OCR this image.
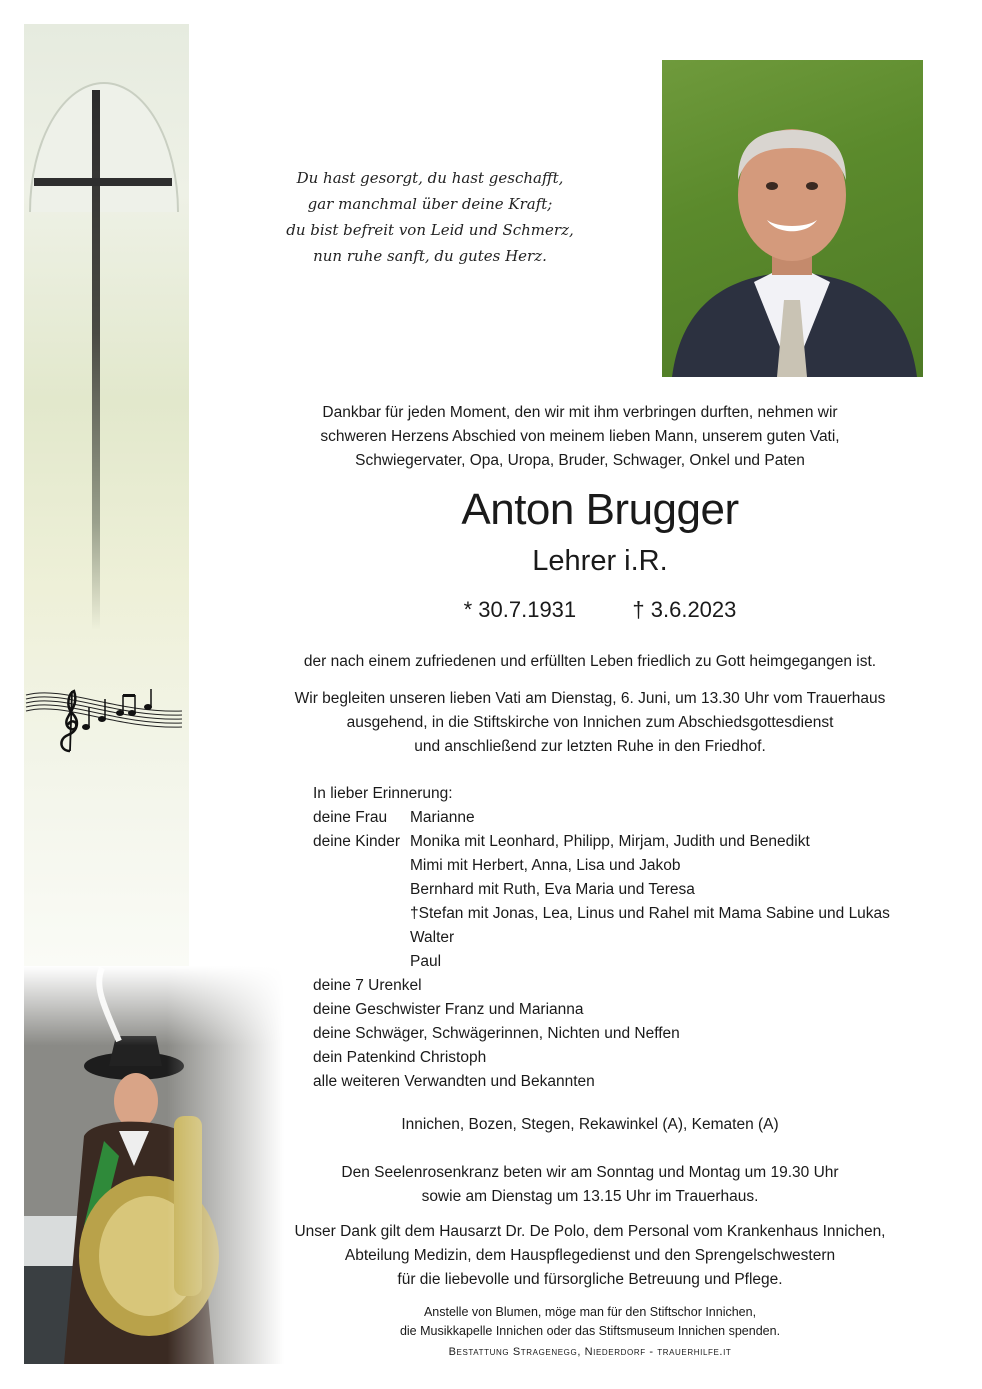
Du hast gesorgt, du hast geschafft,
gar manchmal über deine Kraft;
du bist befreit von Leid und Schmerz,
nun ruhe sanft, du gutes Herz.
Dankbar für jeden Moment, den wir mit ihm verbringen durften, nehmen wir
schweren Herzens Abschied von meinem lieben Mann, unserem guten Vati,
Schwiegervater, Opa, Uropa, Bruder, Schwager, Onkel und Paten
Anton Brugger
Lehrer i.R.
* 30.7.1931	† 3.6.2023
der nach einem zufriedenen und erfüllten Leben friedlich zu Gott heimgegangen ist.
Wir begleiten unseren lieben Vati am Dienstag, 6. Juni, um 13.30 Uhr vom Trauerhaus
ausgehend, in die Stiftskirche von Innichen zum Abschiedsgottesdienst
und anschließend zur letzten Ruhe in den Friedhof.
In lieber Erinnerung:
deine Frau Marianne
deine Kinder Monika mit Leonhard, Philipp, Mirjam, Judith und Benedikt
Mimi mit Herbert, Anna, Lisa und Jakob
Bernhard mit Ruth, Eva Maria und Teresa
†Stefan mit Jonas, Lea, Linus und Rahel mit Mama Sabine und Lukas
Walter
Paul
deine 7 Urenkel
deine Geschwister Franz und Marianna
deine Schwäger, Schwägerinnen, Nichten und Neffen
dein Patenkind Christoph
alle weiteren Verwandten und Bekannten
Innichen, Bozen, Stegen, Rekawinkel (A), Kematen (A)
Den Seelenrosenkranz beten wir am Sonntag und Montag um 19.30 Uhr
sowie am Dienstag um 13.15 Uhr im Trauerhaus.
Unser Dank gilt dem Hausarzt Dr. De Polo, dem Personal vom Krankenhaus Innichen,
Abteilung Medizin, dem Hauspflegedienst und den Sprengelschwestern
für die liebevolle und fürsorgliche Betreuung und Pflege.
Anstelle von Blumen, möge man für den Stiftschor Innichen,
die Musikkapelle Innichen oder das Stiftsmuseum Innichen spenden.
Bestattung Stragenegg, Niederdorf - trauerhilfe.it
